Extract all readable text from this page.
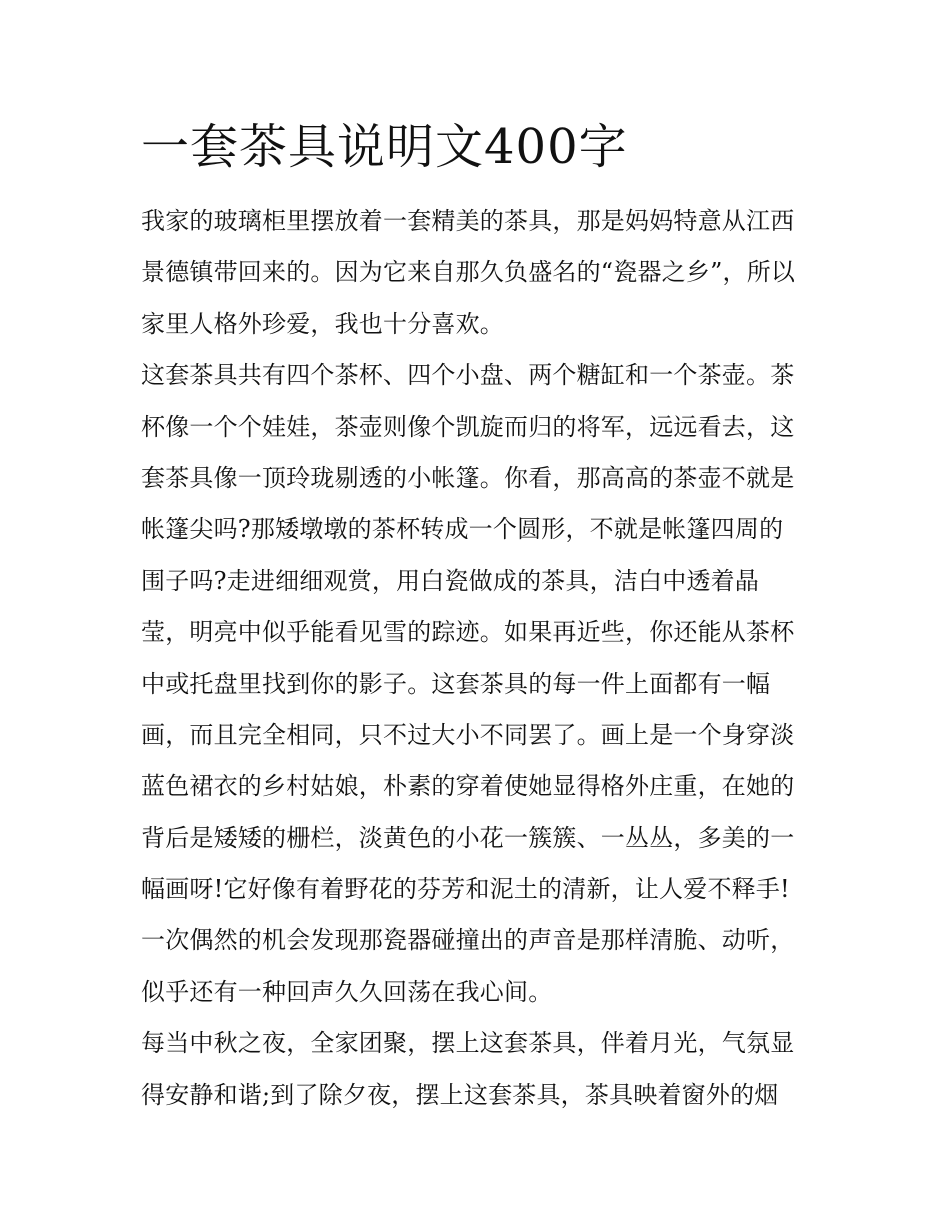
一套茶具说明文400字
我家的玻璃柜里摆放着一套精美的茶具，那是妈妈特意从江西
景德镇带回来的。因为它来自那久负盛名的“瓷器之乡”，所以
家里人格外珍爱，我也十分喜欢。
这套茶具共有四个茶杯、四个小盘、两个糖缸和一个茶壶。茶
杯像一个个娃娃，茶壶则像个凯旋而归的将军，远远看去，这
套茶具像一顶玲珑剔透的小帐篷。你看，那高高的茶壶不就是
帐篷尖吗?那矮墩墩的茶杯转成一个圆形，不就是帐篷四周的
围子吗?走进细细观赏，用白瓷做成的茶具，洁白中透着晶
莹，明亮中似乎能看见雪的踪迹。如果再近些，你还能从茶杯
中或托盘里找到你的影子。这套茶具的每一件上面都有一幅
画，而且完全相同，只不过大小不同罢了。画上是一个身穿淡
蓝色裙衣的乡村姑娘，朴素的穿着使她显得格外庄重，在她的
背后是矮矮的栅栏，淡黄色的小花一簇簇、一丛丛，多美的一
幅画呀!它好像有着野花的芬芳和泥土的清新，让人爱不释手!
一次偶然的机会发现那瓷器碰撞出的声音是那样清脆、动听，
似乎还有一种回声久久回荡在我心间。
每当中秋之夜，全家团聚，摆上这套茶具，伴着月光，气氛显
得安静和谐;到了除夕夜，摆上这套茶具，茶具映着窗外的烟
